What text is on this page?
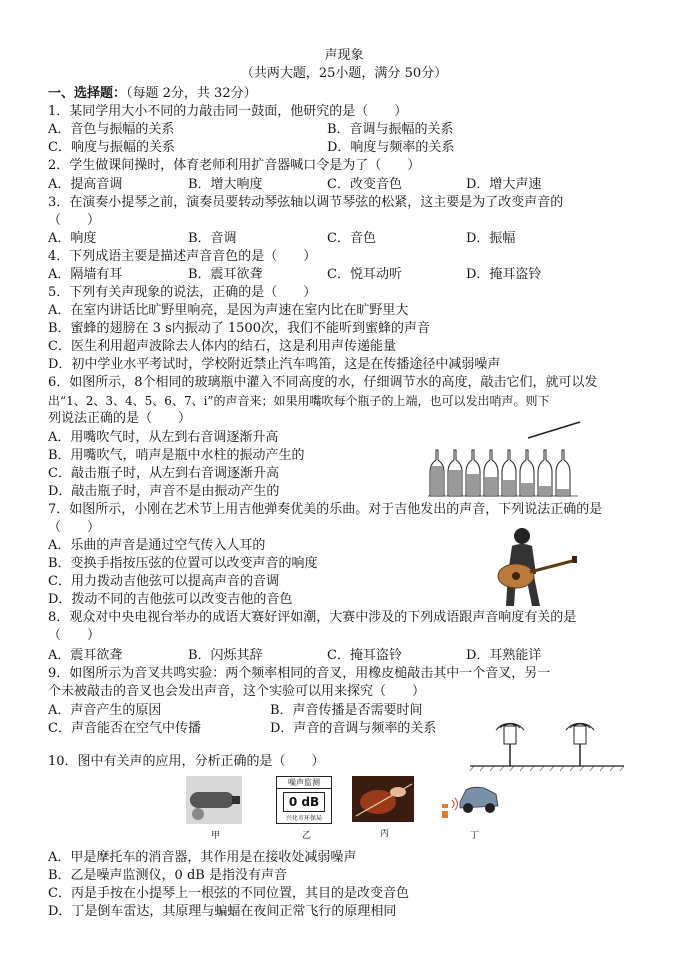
声现象
（共两大题，25小题，满分 50分）
一、选择题：（每题 2分，共 32分）
1．某同学用大小不同的力敲击同一鼓面，他研究的是（　　）
A．音色与振幅的关系	B．音调与振幅的关系
C．响度与振幅的关系	D．响度与频率的关系
2．学生做课间操时，体育老师利用扩音器喊口令是为了（　　）
A．提高音调	B．增大响度	C．改变音色	D．增大声速
3．在演奏小提琴之前，演奏员要转动琴弦轴以调节琴弦的松紧，这主要是为了改变声音的
（　　）
A．响度	B．音调	C．音色	D．振幅
4．下列成语主要是描述声音音色的是（　　）
A．隔墙有耳	B．震耳欲聋	C．悦耳动听	D．掩耳盗铃
5．下列有关声现象的说法，正确的是（　　）
A．在室内讲话比旷野里响亮，是因为声速在室内比在旷野里大
B．蜜蜂的翅膀在 3 s内振动了 1500次，我们不能听到蜜蜂的声音
C．医生利用超声波除去人体内的结石，这是利用声传递能量
D．初中学业水平考试时，学校附近禁止汽车鸣笛，这是在传播途径中减弱噪声
6．如图所示，8个相同的玻璃瓶中灌入不同高度的水，仔细调节水的高度，敲击它们，就可以发
出“1、2、3、4、5、6、7、i”的声音来；如果用嘴吹每个瓶子的上端，也可以发出哨声。则下
列说法正确的是（　　）
A．用嘴吹气时，从左到右音调逐渐升高
B．用嘴吹气，哨声是瓶中水柱的振动产生的
C．敲击瓶子时，从左到右音调逐渐升高
D．敲击瓶子时，声音不是由振动产生的
7．如图所示，小刚在艺术节上用吉他弹奏优美的乐曲。对于吉他发出的声音，下列说法正确的是
（　　）
A．乐曲的声音是通过空气传入人耳的
B．变换手指按压弦的位置可以改变声音的响度
C．用力拨动吉他弦可以提高声音的音调
D．拨动不同的吉他弦可以改变吉他的音色
8．观众对中央电视台举办的成语大赛好评如潮，大赛中涉及的下列成语跟声音响度有关的是
（　　）
A．震耳欲聋	B．闪烁其辞	C．掩耳盗铃	D．耳熟能详
9．如图所示为音叉共鸣实验：两个频率相同的音叉，用橡皮槌敲击其中一个音叉，另一
个未被敲击的音叉也会发出声音，这个实验可以用来探究（　　）
A．声音产生的原因	B．声音传播是否需要时间
C．声音能否在空气中传播	D．声音的音调与频率的关系
10．图中有关声的应用，分析正确的是（　　）
甲
噪声监测
0 dB
兴化市环保局
乙	丙	丁
A．甲是摩托车的消音器，其作用是在接收处减弱噪声
B．乙是噪声监测仪，0 dB 是指没有声音
C．丙是手按在小提琴上一根弦的不同位置，其目的是改变音色
D．丁是倒车雷达，其原理与蝙蝠在夜间正常飞行的原理相同
